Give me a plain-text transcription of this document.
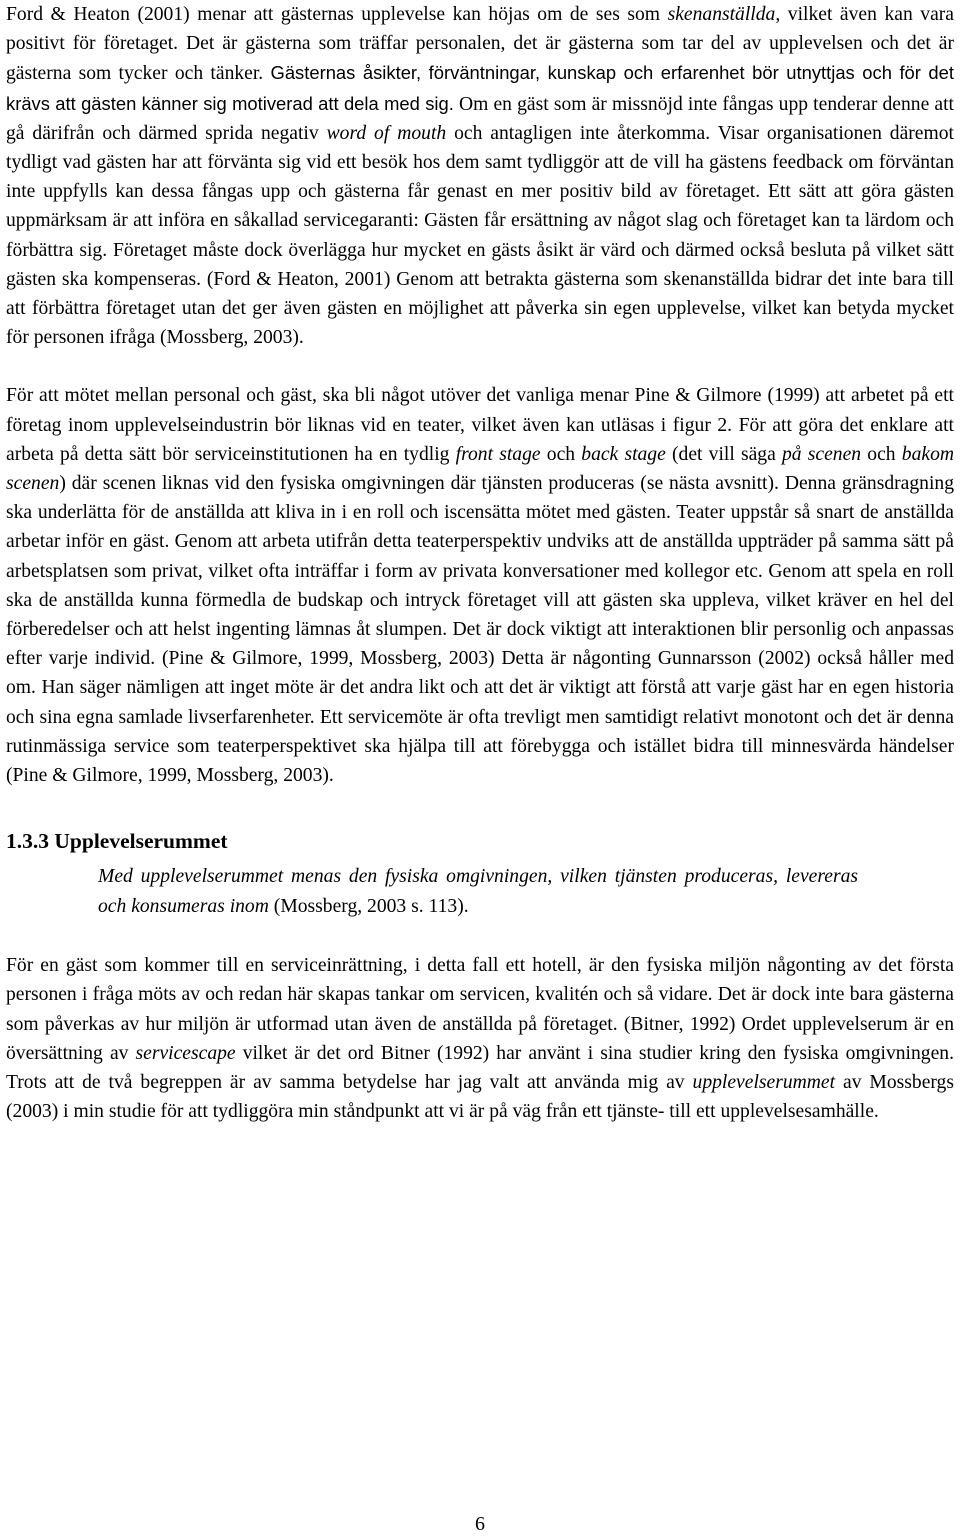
Ford & Heaton (2001) menar att gästernas upplevelse kan höjas om de ses som skenanställda, vilket även kan vara positivt för företaget. Det är gästerna som träffar personalen, det är gästerna som tar del av upplevelsen och det är gästerna som tycker och tänker. Gästernas åsikter, förväntningar, kunskap och erfarenhet bör utnyttjas och för det krävs att gästen känner sig motiverad att dela med sig. Om en gäst som är missnöjd inte fångas upp tenderar denne att gå därifrån och därmed sprida negativ word of mouth och antagligen inte återkomma. Visar organisationen däremot tydligt vad gästen har att förvänta sig vid ett besök hos dem samt tydliggör att de vill ha gästens feedback om förväntan inte uppfylls kan dessa fångas upp och gästerna får genast en mer positiv bild av företaget. Ett sätt att göra gästen uppmärksam är att införa en såkallad servicegaranti: Gästen får ersättning av något slag och företaget kan ta lärdom och förbättra sig. Företaget måste dock överlägga hur mycket en gästs åsikt är värd och därmed också besluta på vilket sätt gästen ska kompenseras. (Ford & Heaton, 2001) Genom att betrakta gästerna som skenanställda bidrar det inte bara till att förbättra företaget utan det ger även gästen en möjlighet att påverka sin egen upplevelse, vilket kan betyda mycket för personen ifråga (Mossberg, 2003).

För att mötet mellan personal och gäst, ska bli något utöver det vanliga menar Pine & Gilmore (1999) att arbetet på ett företag inom upplevelseindustrin bör liknas vid en teater, vilket även kan utläsas i figur 2. För att göra det enklare att arbeta på detta sätt bör serviceinstitutionen ha en tydlig front stage och back stage (det vill säga på scenen och bakom scenen) där scenen liknas vid den fysiska omgivningen där tjänsten produceras (se nästa avsnitt). Denna gränsdragning ska underlätta för de anställda att kliva in i en roll och iscensätta mötet med gästen. Teater uppstår så snart de anställda arbetar inför en gäst. Genom att arbeta utifrån detta teaterperspektiv undviks att de anställda uppträder på samma sätt på arbetsplatsen som privat, vilket ofta inträffar i form av privata konversationer med kollegor etc. Genom att spela en roll ska de anställda kunna förmedla de budskap och intryck företaget vill att gästen ska uppleva, vilket kräver en hel del förberedelser och att helst ingenting lämnas åt slumpen. Det är dock viktigt att interaktionen blir personlig och anpassas efter varje individ. (Pine & Gilmore, 1999, Mossberg, 2003) Detta är någonting Gunnarsson (2002) också håller med om. Han säger nämligen att inget möte är det andra likt och att det är viktigt att förstå att varje gäst har en egen historia och sina egna samlade livserfarenheter. Ett servicemöte är ofta trevligt men samtidigt relativt monotont och det är denna rutinmässiga service som teaterperspektivet ska hjälpa till att förebygga och istället bidra till minnesvärda händelser (Pine & Gilmore, 1999, Mossberg, 2003).

1.3.3 Upplevelserummet

Med upplevelserummet menas den fysiska omgivningen, vilken tjänsten produceras, levereras och konsumeras inom (Mossberg, 2003 s. 113).

För en gäst som kommer till en serviceinrättning, i detta fall ett hotell, är den fysiska miljön någonting av det första personen i fråga möts av och redan här skapas tankar om servicen, kvalitén och så vidare. Det är dock inte bara gästerna som påverkas av hur miljön är utformad utan även de anställda på företaget. (Bitner, 1992) Ordet upplevelserum är en översättning av servicescape vilket är det ord Bitner (1992) har använt i sina studier kring den fysiska omgivningen. Trots att de två begreppen är av samma betydelse har jag valt att använda mig av upplevelserummet av Mossbergs (2003) i min studie för att tydliggöra min ståndpunkt att vi är på väg från ett tjänste- till ett upplevelsesamhälle.

6
